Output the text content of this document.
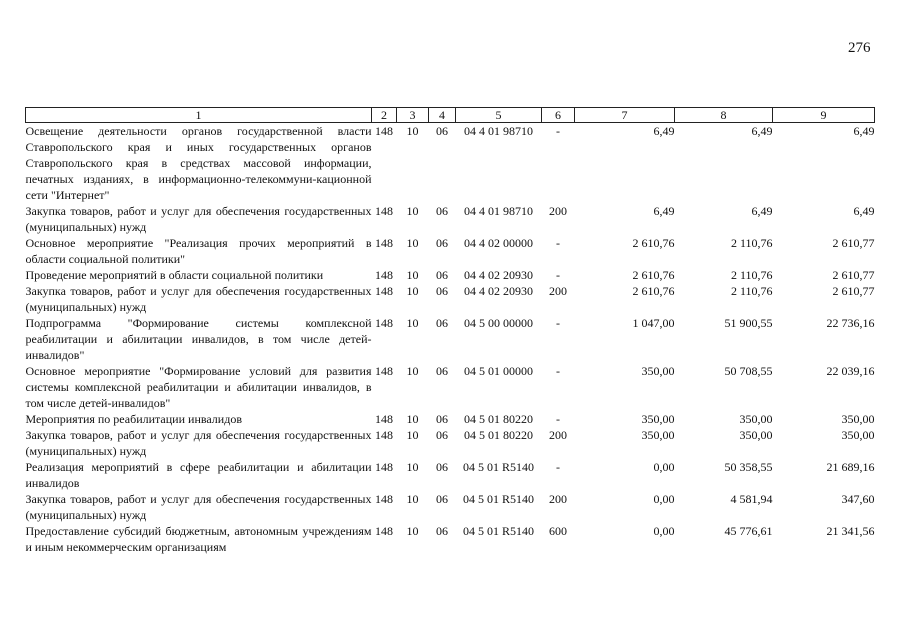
276
1	2	3	4	5	6	7	8	9
Освещение деятельности органов государственной власти Ставропольского края и иных государственных органов Ставропольского края в средствах массовой информации, печатных изданиях, в информационно-телекоммуни-кационной сети "Интернет"	148	10	06	04 4 01 98710	-	6,49	6,49	6,49
Закупка товаров, работ и услуг для обеспечения государственных (муниципальных) нужд	148	10	06	04 4 01 98710	200	6,49	6,49	6,49
Основное мероприятие "Реализация прочих мероприятий в области социальной политики"	148	10	06	04 4 02 00000	-	2 610,76	2 110,76	2 610,77
Проведение мероприятий в области социальной политики	148	10	06	04 4 02 20930	-	2 610,76	2 110,76	2 610,77
Закупка товаров, работ и услуг для обеспечения государственных (муниципальных) нужд	148	10	06	04 4 02 20930	200	2 610,76	2 110,76	2 610,77
Подпрограмма "Формирование системы комплексной реабилитации и абилитации инвалидов, в том числе детей-инвалидов"	148	10	06	04 5 00 00000	-	1 047,00	51 900,55	22 736,16
Основное мероприятие "Формирование условий для развития системы комплексной реабилитации и абилитации инвалидов, в том числе детей-инвалидов"	148	10	06	04 5 01 00000	-	350,00	50 708,55	22 039,16
Мероприятия по реабилитации инвалидов	148	10	06	04 5 01 80220	-	350,00	350,00	350,00
Закупка товаров, работ и услуг для обеспечения государственных (муниципальных) нужд	148	10	06	04 5 01 80220	200	350,00	350,00	350,00
Реализация мероприятий в сфере реабилитации и абилитации инвалидов	148	10	06	04 5 01 R5140	-	0,00	50 358,55	21 689,16
Закупка товаров, работ и услуг для обеспечения государственных (муниципальных) нужд	148	10	06	04 5 01 R5140	200	0,00	4 581,94	347,60
Предоставление субсидий бюджетным, автономным учреждениям и иным некоммерческим организациям	148	10	06	04 5 01 R5140	600	0,00	45 776,61	21 341,56
